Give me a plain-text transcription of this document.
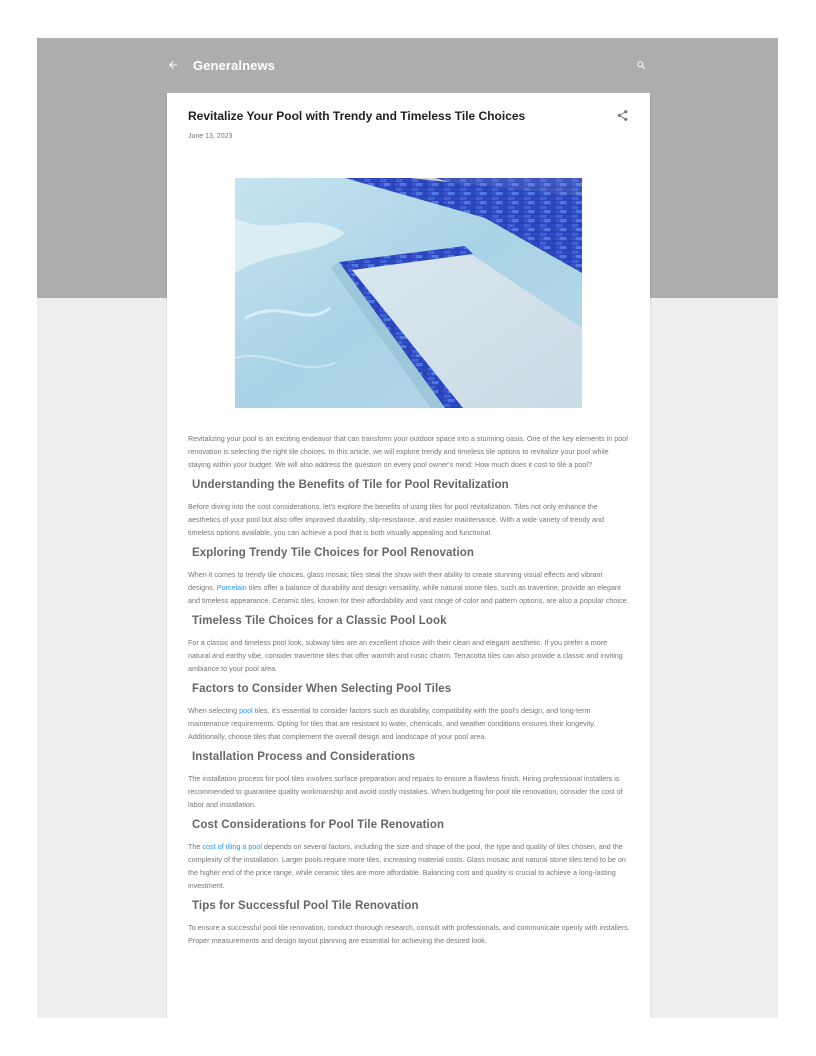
Generalnews
Revitalize Your Pool with Trendy and Timeless Tile Choices
June 13, 2023

Revitalizing your pool is an exciting endeavor that can transform your outdoor space into a stunning oasis. One of the key elements in pool renovation is selecting the right tile choices. In this article, we will explore trendy and timeless tile options to revitalize your pool while staying within your budget. We will also address the question on every pool owner's mind: How much does it cost to tile a pool?

Understanding the Benefits of Tile for Pool Revitalization

Before diving into the cost considerations, let's explore the benefits of using tiles for pool revitalization. Tiles not only enhance the aesthetics of your pool but also offer improved durability, slip-resistance, and easier maintenance. With a wide variety of trendy and timeless options available, you can achieve a pool that is both visually appealing and functional.

Exploring Trendy Tile Choices for Pool Renovation

When it comes to trendy tile choices, glass mosaic tiles steal the show with their ability to create stunning visual effects and vibrant designs. Porcelain tiles offer a balance of durability and design versatility, while natural stone tiles, such as travertine, provide an elegant and timeless appearance. Ceramic tiles, known for their affordability and vast range of color and pattern options, are also a popular choice.

Timeless Tile Choices for a Classic Pool Look

For a classic and timeless pool look, subway tiles are an excellent choice with their clean and elegant aesthetic. If you prefer a more natural and earthy vibe, consider travertine tiles that offer warmth and rustic charm. Terracotta tiles can also provide a classic and inviting ambiance to your pool area.

Factors to Consider When Selecting Pool Tiles

When selecting pool tiles, it's essential to consider factors such as durability, compatibility with the pool's design, and long-term maintenance requirements. Opting for tiles that are resistant to water, chemicals, and weather conditions ensures their longevity. Additionally, choose tiles that complement the overall design and landscape of your pool area.

Installation Process and Considerations

The installation process for pool tiles involves surface preparation and repairs to ensure a flawless finish. Hiring professional installers is recommended to guarantee quality workmanship and avoid costly mistakes. When budgeting for pool tile renovation, consider the cost of labor and installation.

Cost Considerations for Pool Tile Renovation

The cost of tiling a pool depends on several factors, including the size and shape of the pool, the type and quality of tiles chosen, and the complexity of the installation. Larger pools require more tiles, increasing material costs. Glass mosaic and natural stone tiles tend to be on the higher end of the price range, while ceramic tiles are more affordable. Balancing cost and quality is crucial to achieve a long-lasting investment.

Tips for Successful Pool Tile Renovation

To ensure a successful pool tile renovation, conduct thorough research, consult with professionals, and communicate openly with installers. Proper measurements and design layout planning are essential for achieving the desired look.
